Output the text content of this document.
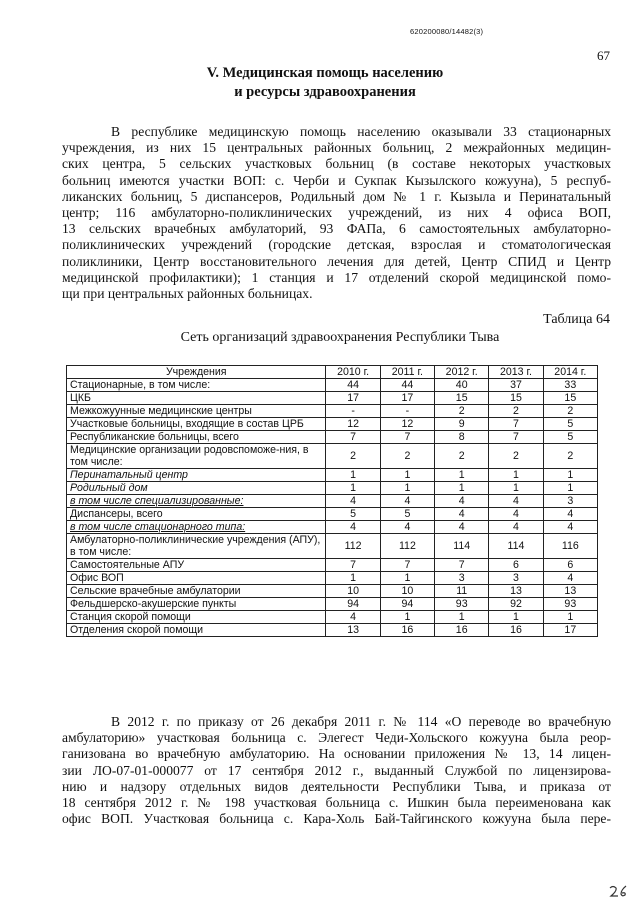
620200080/14482(3)
67
V. Медицинская помощь населению
и ресурсы здравоохранения
В республике медицинскую помощь населению оказывали 33 стационарных
учреждения, из них 15 центральных районных больниц, 2 межрайонных медицин-
ских центра, 5 сельских участковых больниц (в составе некоторых участковых
больниц имеются участки ВОП: с. Черби и Сукпак Кызылского кожууна), 5 респуб-
ликанских больниц, 5 диспансеров, Родильный дом № 1 г. Кызыла и Перинатальный
центр; 116 амбулаторно-поликлинических учреждений, из них 4 офиса ВОП,
13 сельских врачебных амбулаторий, 93 ФАПа, 6 самостоятельных амбулаторно-
поликлинических учреждений (городские детская, взрослая и стоматологическая
поликлиники, Центр восстановительного лечения для детей, Центр СПИД и Центр
медицинской профилактики); 1 станция и 17 отделений скорой медицинской помо-
щи при центральных районных больницах.
Таблица 64
Сеть организаций здравоохранения Республики Тыва
Учреждения	2010 г.	2011 г.	2012 г.	2013 г.	2014 г.
Стационарные, в том числе:	44	44	40	37	33
ЦКБ	17	17	15	15	15
Межкожуунные медицинские центры	-	-	2	2	2
Участковые больницы, входящие в состав ЦРБ	12	12	9	7	5
Республиканские больницы, всего	7	7	8	7	5
Медицинские организации родовспоможе-ния, в том числе:	2	2	2	2	2
Перинатальный центр	1	1	1	1	1
Родильный дом	1	1	1	1	1
в том числе специализированные:	4	4	4	4	3
Диспансеры, всего	5	5	4	4	4
в том числе стационарного типа:	4	4	4	4	4
Амбулаторно-поликлинические учреждения (АПУ), в том числе:	112	112	114	114	116
Самостоятельные АПУ	7	7	7	6	6
Офис ВОП	1	1	3	3	4
Сельские врачебные амбулатории	10	10	11	13	13
Фельдшерско-акушерские пункты	94	94	93	92	93
Станция скорой помощи	4	1	1	1	1
Отделения скорой помощи	13	16	16	16	17
В 2012 г. по приказу от 26 декабря 2011 г. № 114 «О переводе во врачебную
амбулаторию» участковая больница с. Элегест Чеди-Хольского кожууна была реор-
ганизована во врачебную амбулаторию. На основании приложения № 13, 14 лицен-
зии ЛО-07-01-000077 от 17 сентября 2012 г., выданный Службой по лицензирова-
нию и надзору отдельных видов деятельности Республики Тыва, и приказа от
18 сентября 2012 г. № 198 участковая больница с. Ишкин была переименована как
офис ВОП. Участковая больница с. Кара-Холь Бай-Тайгинского кожууна была пере-
